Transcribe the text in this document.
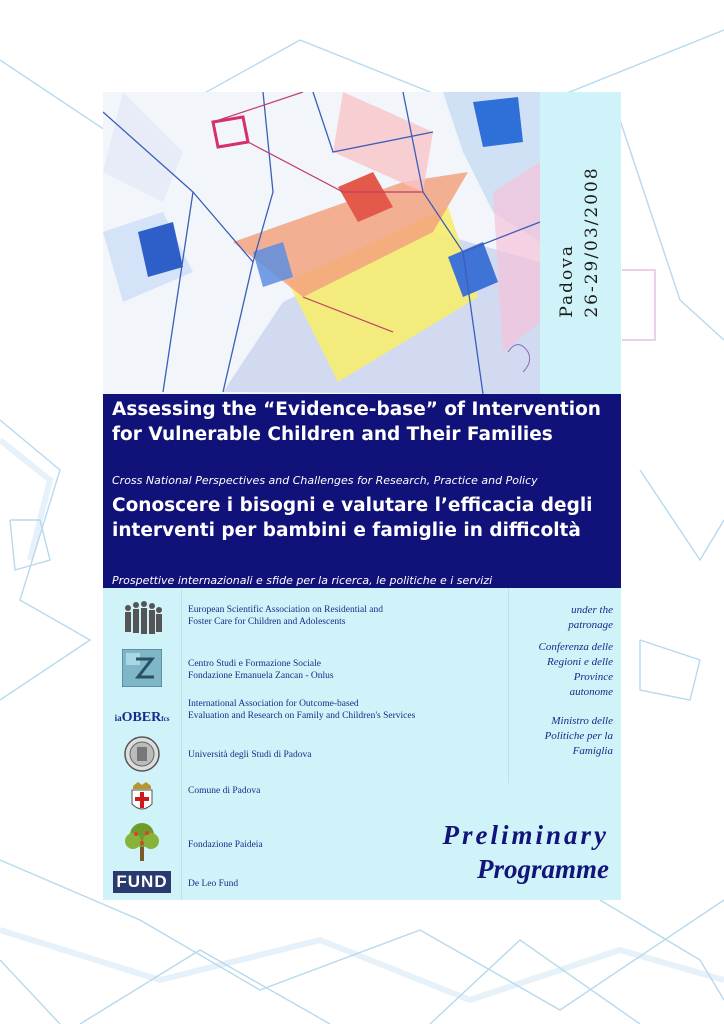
Padova 26-29/03/2008

Assessing the “Evidence-base” of Intervention for Vulnerable Children and Their Families

Cross National Perspectives and Challenges for Research, Practice and Policy

Conoscere i bisogni e valutare l’efficacia degli interventi per bambini e famiglie in difficoltà

Prospettive internazionali e sfide per la ricerca, le politiche e i servizi
iaOBERfcs
FUND
European Scientific Association on Residential and
Foster Care for Children and Adolescents
Centro Studi e Formazione Sociale
Fondazione Emanuela Zancan - Onlus
International Association for Outcome-based
Evaluation and Research on Family and Children's Services
Università degli Studi di Padova
Comune di Padova
Fondazione Paideia
De Leo Fund
under the
patronage
Conferenza delle
Regioni e delle
Province
autonome
Ministro delle
Politiche per la
Famiglia
Preliminary
Programme
